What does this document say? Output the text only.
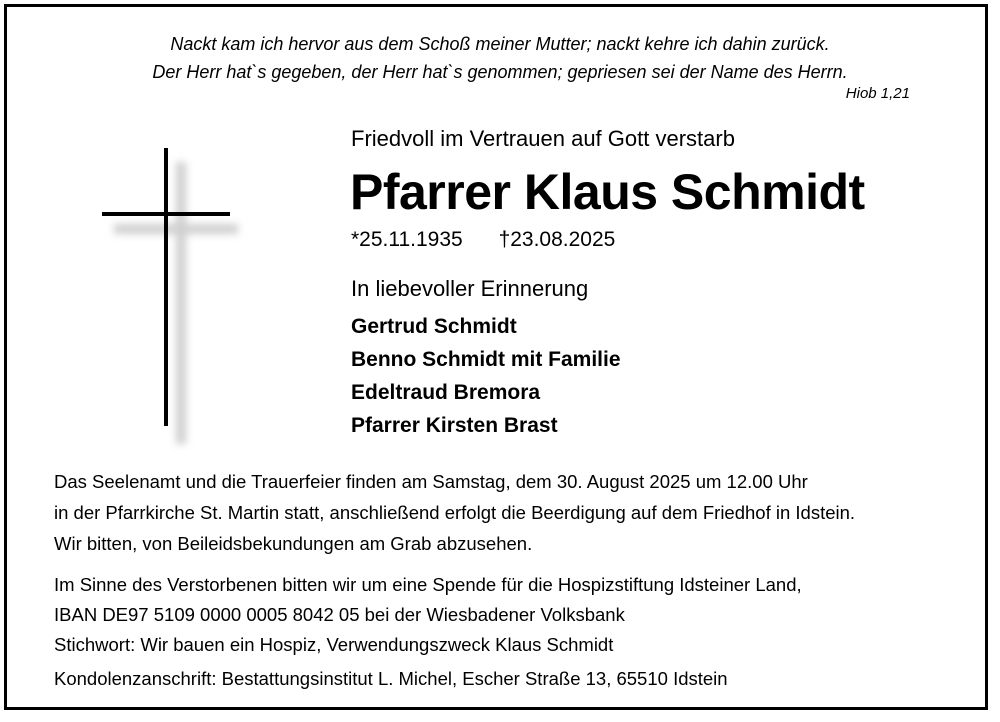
Nackt kam ich hervor aus dem Schoß meiner Mutter; nackt kehre ich dahin zurück.
Der Herr hat`s gegeben, der Herr hat`s genommen; gepriesen sei der Name des Herrn.
Hiob 1,21
Friedvoll im Vertrauen auf Gott verstarb
Pfarrer Klaus Schmidt
*25.11.1935 †23.08.2025
In liebevoller Erinnerung
Gertrud Schmidt
Benno Schmidt mit Familie
Edeltraud Bremora
Pfarrer Kirsten Brast
Das Seelenamt und die Trauerfeier finden am Samstag, dem 30. August 2025 um 12.00 Uhr
in der Pfarrkirche St. Martin statt, anschließend erfolgt die Beerdigung auf dem Friedhof in Idstein.
Wir bitten, von Beileidsbekundungen am Grab abzusehen.
Im Sinne des Verstorbenen bitten wir um eine Spende für die Hospizstiftung Idsteiner Land,
IBAN DE97 5109 0000 0005 8042 05 bei der Wiesbadener Volksbank
Stichwort: Wir bauen ein Hospiz, Verwendungszweck Klaus Schmidt
Kondolenzanschrift: Bestattungsinstitut L. Michel, Escher Straße 13, 65510 Idstein
